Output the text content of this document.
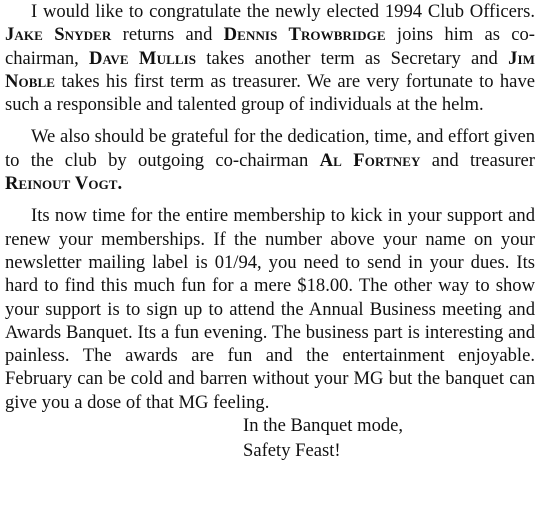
I would like to congratulate the newly elected 1994 Club Officers. Jake Snyder returns and Dennis Trowbridge joins him as co-chairman, Dave Mullis takes another term as Secretary and Jim Noble takes his first term as treasurer. We are very fortunate to have such a responsible and talented group of individuals at the helm.

We also should be grateful for the dedication, time, and effort given to the club by outgoing co-chairman Al Fortney and treasurer Reinout Vogt.

Its now time for the entire membership to kick in your support and renew your memberships. If the number above your name on your newsletter mailing label is 01/94, you need to send in your dues. Its hard to find this much fun for a mere $18.00. The other way to show your support is to sign up to attend the Annual Business meeting and Awards Banquet. Its a fun evening. The business part is interesting and painless. The awards are fun and the entertainment enjoyable. February can be cold and barren without your MG but the banquet can give you a dose of that MG feeling.

In the Banquet mode,
Safety Feast!
